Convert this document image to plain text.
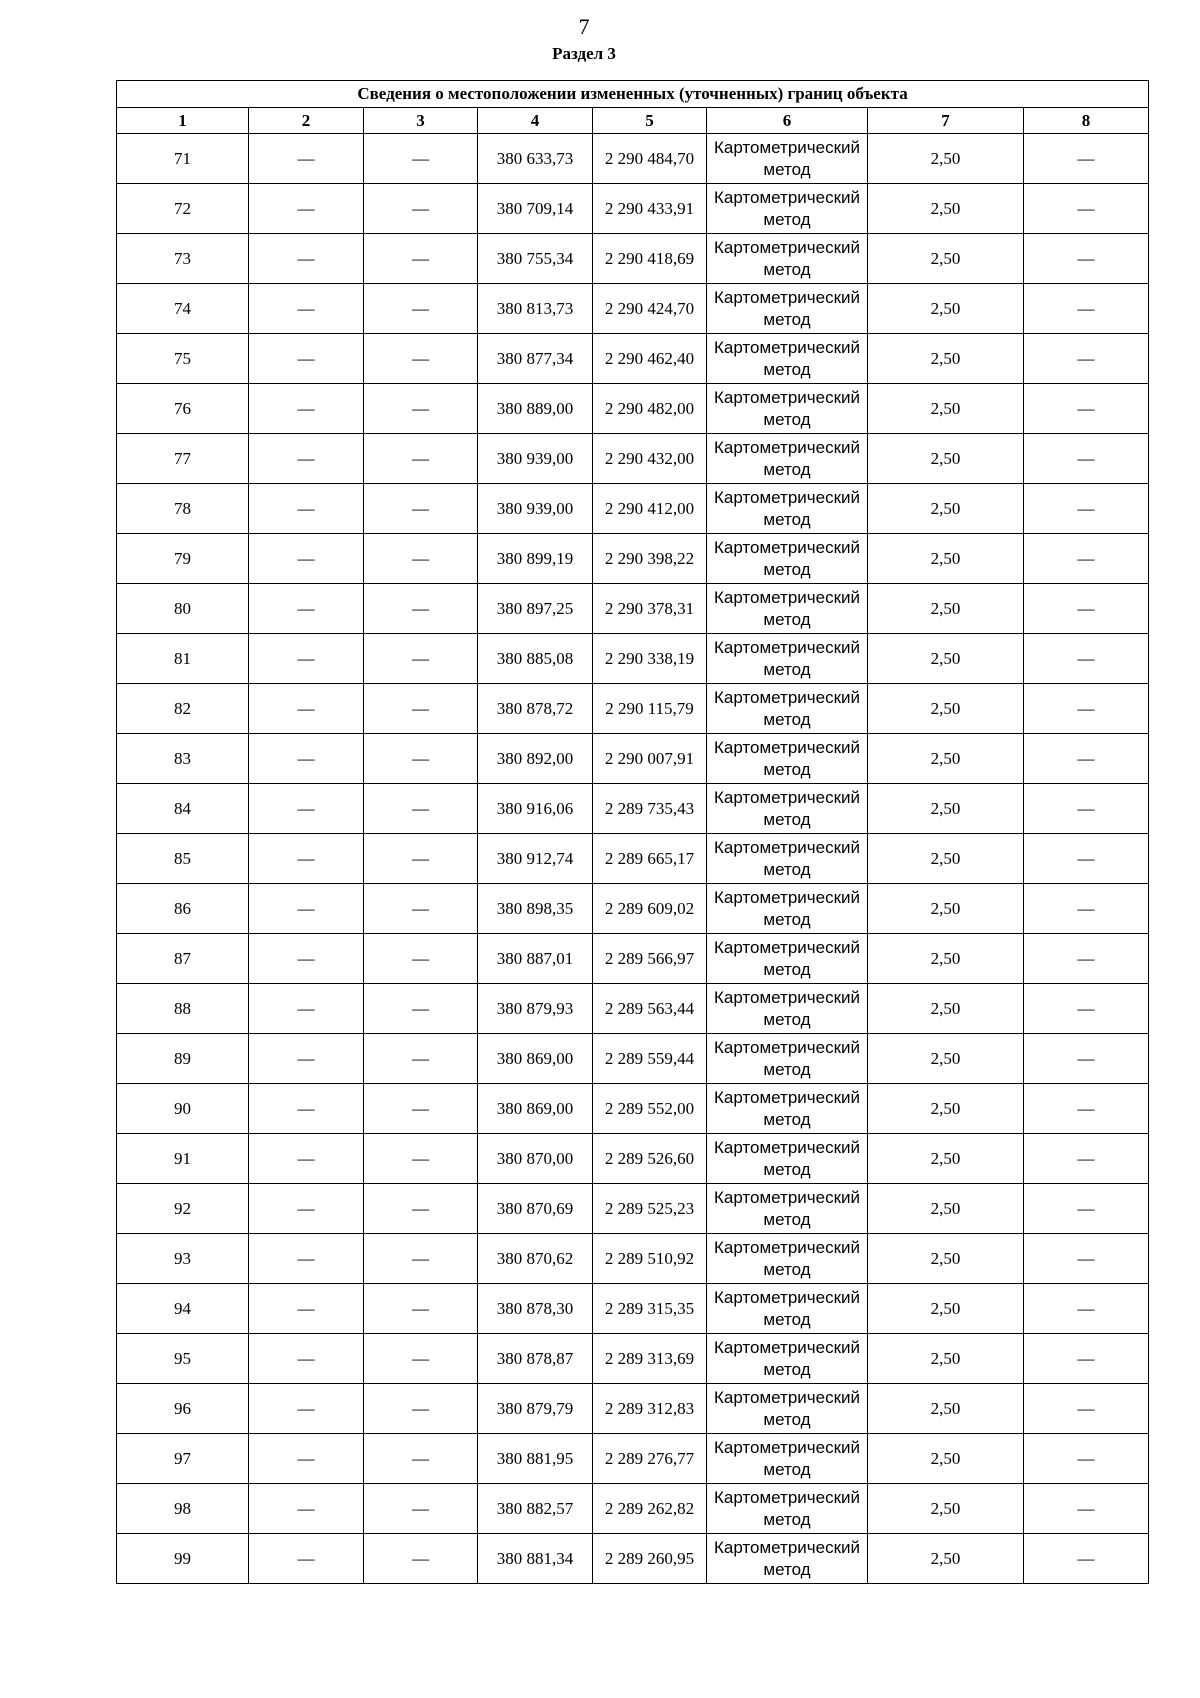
7
Раздел 3
Сведения о местоположении измененных (уточненных) границ объекта							
1	2	3	4	5	6	7	8
71	—	—	380 633,73	2 290 484,70	Картометрический метод	2,50	—
72	—	—	380 709,14	2 290 433,91	Картометрический метод	2,50	—
73	—	—	380 755,34	2 290 418,69	Картометрический метод	2,50	—
74	—	—	380 813,73	2 290 424,70	Картометрический метод	2,50	—
75	—	—	380 877,34	2 290 462,40	Картометрический метод	2,50	—
76	—	—	380 889,00	2 290 482,00	Картометрический метод	2,50	—
77	—	—	380 939,00	2 290 432,00	Картометрический метод	2,50	—
78	—	—	380 939,00	2 290 412,00	Картометрический метод	2,50	—
79	—	—	380 899,19	2 290 398,22	Картометрический метод	2,50	—
80	—	—	380 897,25	2 290 378,31	Картометрический метод	2,50	—
81	—	—	380 885,08	2 290 338,19	Картометрический метод	2,50	—
82	—	—	380 878,72	2 290 115,79	Картометрический метод	2,50	—
83	—	—	380 892,00	2 290 007,91	Картометрический метод	2,50	—
84	—	—	380 916,06	2 289 735,43	Картометрический метод	2,50	—
85	—	—	380 912,74	2 289 665,17	Картометрический метод	2,50	—
86	—	—	380 898,35	2 289 609,02	Картометрический метод	2,50	—
87	—	—	380 887,01	2 289 566,97	Картометрический метод	2,50	—
88	—	—	380 879,93	2 289 563,44	Картометрический метод	2,50	—
89	—	—	380 869,00	2 289 559,44	Картометрический метод	2,50	—
90	—	—	380 869,00	2 289 552,00	Картометрический метод	2,50	—
91	—	—	380 870,00	2 289 526,60	Картометрический метод	2,50	—
92	—	—	380 870,69	2 289 525,23	Картометрический метод	2,50	—
93	—	—	380 870,62	2 289 510,92	Картометрический метод	2,50	—
94	—	—	380 878,30	2 289 315,35	Картометрический метод	2,50	—
95	—	—	380 878,87	2 289 313,69	Картометрический метод	2,50	—
96	—	—	380 879,79	2 289 312,83	Картометрический метод	2,50	—
97	—	—	380 881,95	2 289 276,77	Картометрический метод	2,50	—
98	—	—	380 882,57	2 289 262,82	Картометрический метод	2,50	—
99	—	—	380 881,34	2 289 260,95	Картометрический метод	2,50	—
